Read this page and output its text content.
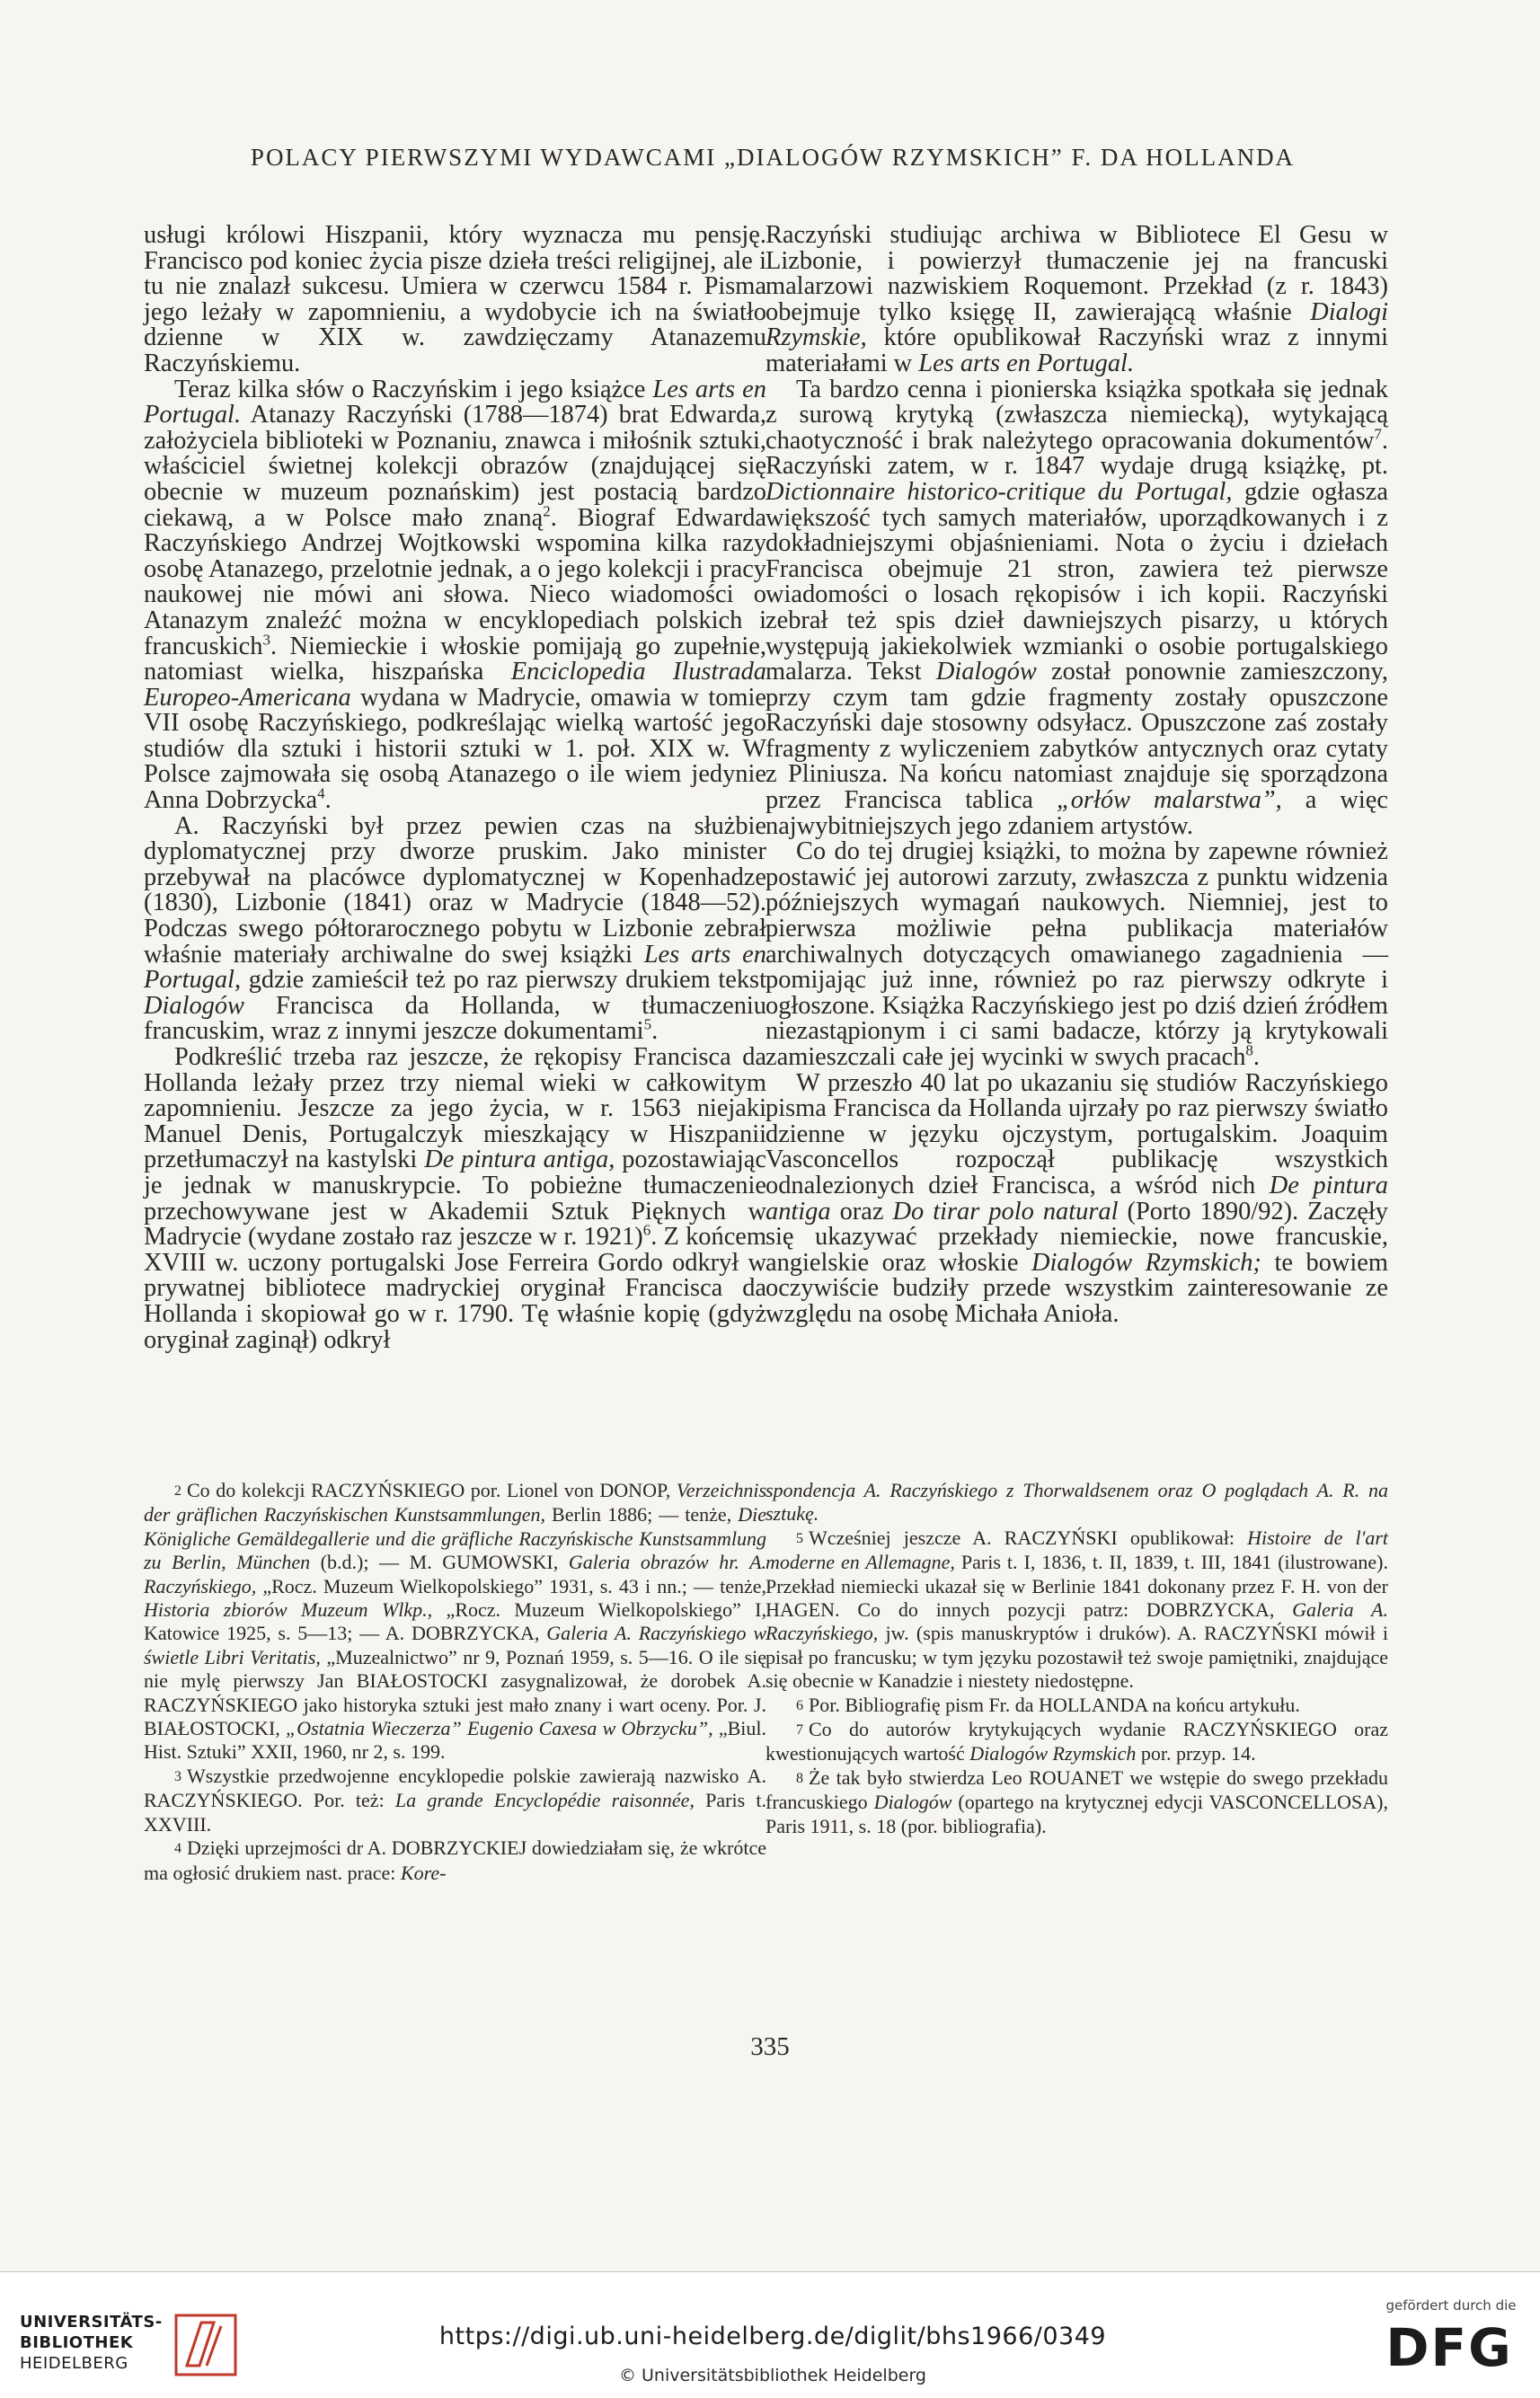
POLACY PIERWSZYMI WYDAWCAMI „DIALOGÓW RZYMSKICH” F. DA HOLLANDA

usługi królowi Hiszpanii, który wyznacza mu pensję. Francisco pod koniec życia pisze dzieła treści religijnej, ale i tu nie znalazł sukcesu. Umiera w czerwcu 1584 r. Pisma jego leżały w zapomnieniu, a wydobycie ich na światło dzienne w XIX w. zawdzięczamy Atanazemu Raczyńskiemu.

Teraz kilka słów o Raczyńskim i jego książce Les arts en Portugal. Atanazy Raczyński (1788—1874) brat Edwarda, założyciela biblioteki w Poznaniu, znawca i miłośnik sztuki, właściciel świetnej kolekcji obrazów (znajdującej się obecnie w muzeum poznańskim) jest postacią bardzo ciekawą, a w Polsce mało znaną$^2$. Biograf Edwarda Raczyńskiego Andrzej Wojtkowski wspomina kilka razy osobę Atanazego, przelotnie jednak, a o jego kolekcji i pracy naukowej nie mówi ani słowa. Nieco wiadomości o Atanazym znaleźć można w encyklopediach polskich i francuskich$^3$. Niemieckie i włoskie pomijają go zupełnie, natomiast wielka, hiszpańska Enciclopedia Ilustrada Europeo-Americana wydana w Madrycie, omawia w tomie VII osobę Raczyńskiego, podkreślając wielką wartość jego studiów dla sztuki i historii sztuki w 1. poł. XIX w. W Polsce zajmowała się osobą Atanazego o ile wiem jedynie Anna Dobrzycka$^4$.

A. Raczyński był przez pewien czas na służbie dyplomatycznej przy dworze pruskim. Jako minister przebywał na placówce dyplomatycznej w Kopenhadze (1830), Lizbonie (1841) oraz w Madrycie (1848—52). Podczas swego półtorarocznego pobytu w Lizbonie zebrał właśnie materiały archiwalne do swej książki Les arts en Portugal, gdzie zamieścił też po raz pierwszy drukiem tekst Dialogów Francisca da Hollanda, w tłumaczeniu francuskim, wraz z innymi jeszcze dokumentami$^5$.

Podkreślić trzeba raz jeszcze, że rękopisy Francisca da Hollanda leżały przez trzy niemal wieki w całkowitym zapomnieniu. Jeszcze za jego życia, w r. 1563 niejaki Manuel Denis, Portugalczyk mieszkający w Hiszpanii przetłumaczył na kastylski De pintura antiga, pozostawiając je jednak w manuskrypcie. To pobieżne tłumaczenie przechowywane jest w Akademii Sztuk Pięknych w Madrycie (wydane zostało raz jeszcze w r. 1921)$^6$. Z końcem XVIII w. uczony portugalski Jose Ferreira Gordo odkrył w prywatnej bibliotece madryckiej oryginał Francisca da Hollanda i skopiował go w r. 1790. Tę właśnie kopię (gdyż oryginał zaginął) odkrył

Raczyński studiując archiwa w Bibliotece El Gesu w Lizbonie, i powierzył tłumaczenie jej na francuski malarzowi nazwiskiem Roquemont. Przekład (z r. 1843) obejmuje tylko księgę II, zawierającą właśnie Dialogi Rzymskie, które opublikował Raczyński wraz z innymi materiałami w Les arts en Portugal.

Ta bardzo cenna i pionierska książka spotkała się jednak z surową krytyką (zwłaszcza niemiecką), wytykającą chaotyczność i brak należytego opracowania dokumentów$^7$. Raczyński zatem, w r. 1847 wydaje drugą książkę, pt. Dictionnaire historico-critique du Portugal, gdzie ogłasza większość tych samych materiałów, uporządkowanych i z dokładniejszymi objaśnieniami. Nota o życiu i dziełach Francisca obejmuje 21 stron, zawiera też pierwsze wiadomości o losach rękopisów i ich kopii. Raczyński zebrał też spis dzieł dawniejszych pisarzy, u których występują jakiekolwiek wzmianki o osobie portugalskiego malarza. Tekst Dialogów został ponownie zamieszczony, przy czym tam gdzie fragmenty zostały opuszczone Raczyński daje stosowny odsyłacz. Opuszczone zaś zostały fragmenty z wyliczeniem zabytków antycznych oraz cytaty z Pliniusza. Na końcu natomiast znajduje się sporządzona przez Francisca tablica „orłów malarstwa”, a więc najwybitniejszych jego zdaniem artystów.

Co do tej drugiej książki, to można by zapewne również postawić jej autorowi zarzuty, zwłaszcza z punktu widzenia późniejszych wymagań naukowych. Niemniej, jest to pierwsza możliwie pełna publikacja materiałów archiwalnych dotyczących omawianego zagadnienia — pomijając już inne, również po raz pierwszy odkryte i ogłoszone. Książka Raczyńskiego jest po dziś dzień źródłem niezastąpionym i ci sami badacze, którzy ją krytykowali zamieszczali całe jej wycinki w swych pracach$^8$.

W przeszło 40 lat po ukazaniu się studiów Raczyńskiego pisma Francisca da Hollanda ujrzały po raz pierwszy światło dzienne w języku ojczystym, portugalskim. Joaquim Vasconcellos rozpoczął publikację wszystkich odnalezionych dzieł Francisca, a wśród nich De pintura antiga oraz Do tirar polo natural (Porto 1890/92). Zaczęły się ukazywać przekłady niemieckie, nowe francuskie, angielskie oraz włoskie Dialogów Rzymskich; te bowiem oczywiście budziły przede wszystkim zainteresowanie ze względu na osobę Michała Anioła.

2 Co do kolekcji RACZYŃSKIEGO por. Lionel von DONOP, Verzeichnis der gräflichen Raczyńskischen Kunstsammlungen, Berlin 1886; — tenże, Die Königliche Gemäldegallerie und die gräfliche Raczyńskische Kunstsammlung zu Berlin, München (b.d.); — M. GUMOWSKI, Galeria obrazów hr. A. Raczyńskiego, „Rocz. Muzeum Wielkopolskiego” 1931, s. 43 i nn.; — tenże, Historia zbiorów Muzeum Wlkp., „Rocz. Muzeum Wielkopolskiego” I, Katowice 1925, s. 5—13; — A. DOBRZYCKA, Galeria A. Raczyńskiego w świetle Libri Veritatis, „Muzealnictwo” nr 9, Poznań 1959, s. 5—16. O ile się nie mylę pierwszy Jan BIAŁOSTOCKI zasygnalizował, że dorobek A. RACZYŃSKIEGO jako historyka sztuki jest mało znany i wart oceny. Por. J. BIAŁOSTOCKI, „Ostatnia Wieczerza” Eugenio Caxesa w Obrzycku”, „Biul. Hist. Sztuki” XXII, 1960, nr 2, s. 199.

3 Wszystkie przedwojenne encyklopedie polskie zawierają nazwisko A. RACZYŃSKIEGO. Por. też: La grande Encyclopédie raisonnée, Paris t. XXVIII.

4 Dzięki uprzejmości dr A. DOBRZYCKIEJ dowiedziałam się, że wkrótce ma ogłosić drukiem nast. prace: Kore-

spondencja A. Raczyńskiego z Thorwaldsenem oraz O poglądach A. R. na sztukę.

5 Wcześniej jeszcze A. RACZYŃSKI opublikował: Histoire de l'art moderne en Allemagne, Paris t. I, 1836, t. II, 1839, t. III, 1841 (ilustrowane). Przekład niemiecki ukazał się w Berlinie 1841 dokonany przez F. H. von der HAGEN. Co do innych pozycji patrz: DOBRZYCKA, Galeria A. Raczyńskiego, jw. (spis manuskryptów i druków). A. RACZYŃSKI mówił i pisał po francusku; w tym języku pozostawił też swoje pamiętniki, znajdujące się obecnie w Kanadzie i niestety niedostępne.

6 Por. Bibliografię pism Fr. da HOLLANDA na końcu artykułu.

7 Co do autorów krytykujących wydanie RACZYŃSKIEGO oraz kwestionujących wartość Dialogów Rzymskich por. przyp. 14.

8 Że tak było stwierdza Leo ROUANET we wstępie do swego przekładu francuskiego Dialogów (opartego na krytycznej edycji VASCONCELLOSA), Paris 1911, s. 18 (por. bibliografia).

335
UNIVERSITÄTS-
BIBLIOTHEK
HEIDELBERG
https://digi.ub.uni-heidelberg.de/diglit/bhs1966/0349
© Universitätsbibliothek Heidelberg
gefördert durch die
DFG
